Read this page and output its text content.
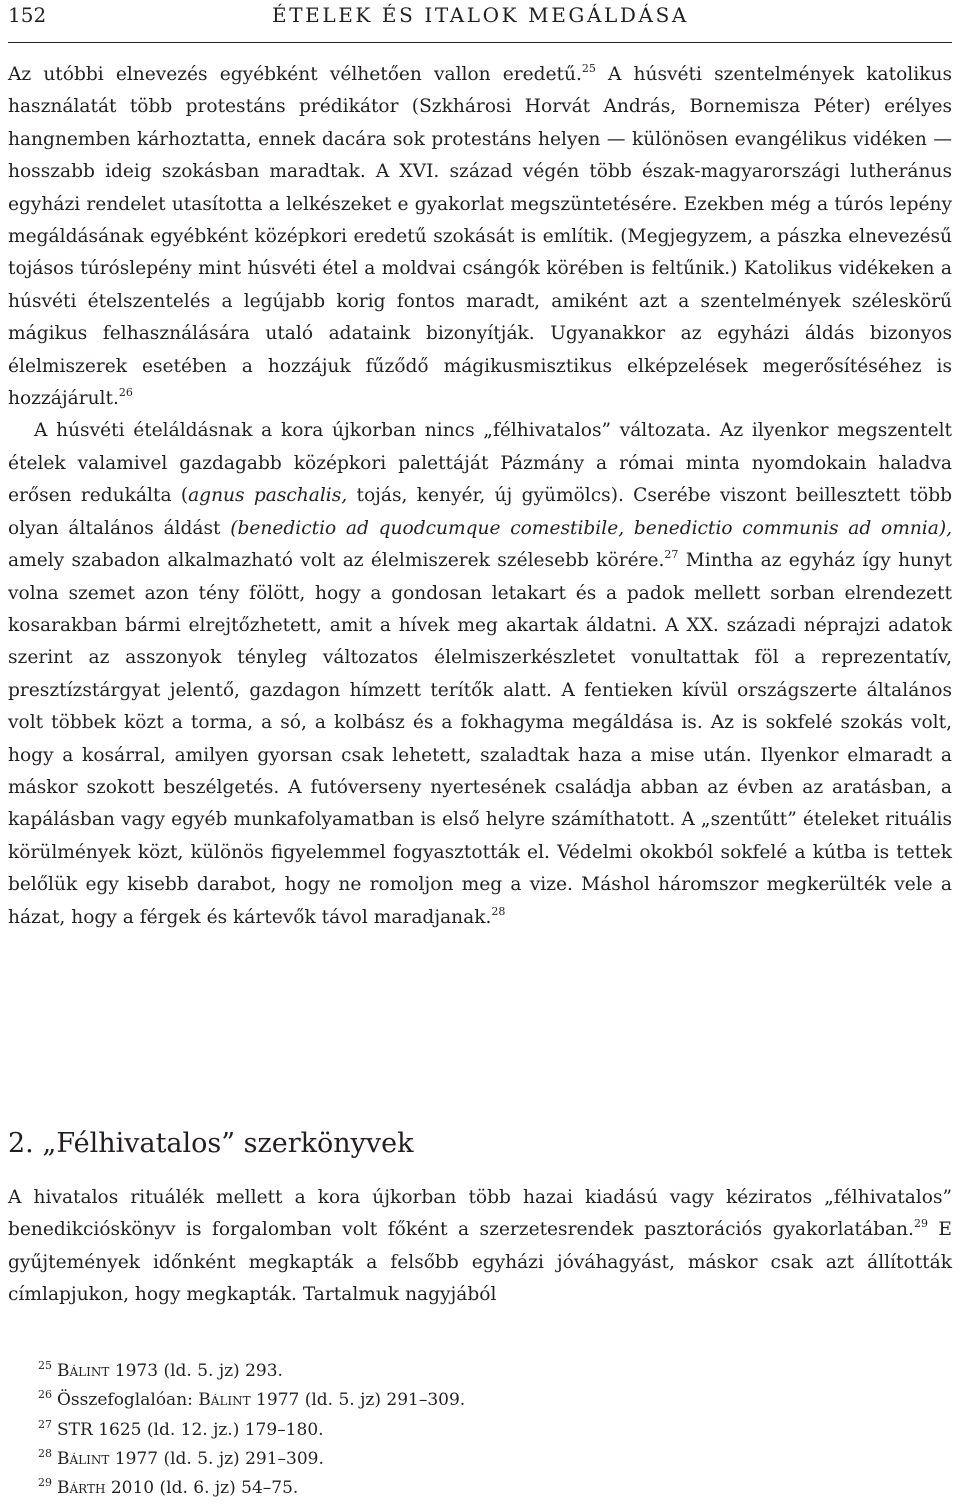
152	ÉTELEK ÉS ITALOK MEGÁLDÁSA

Az utóbbi elnevezés egyébként vélhetően vallon eredetű.$^{25}$ A húsvéti szentelmények katolikus használatát több protestáns prédikátor (Szkhárosi Horvát András, Bornemisza Péter) erélyes hangnemben kárhoztatta, ennek dacára sok protestáns helyen — különösen evangélikus vidéken — hosszabb ideig szokásban maradtak. A XVI. század végén több észak-magyarországi lutheránus egyházi rendelet utasította a lelkészeket e gyakorlat megszüntetésére. Ezekben még a túrós lepény megáldásának egyébként középkori eredetű szokását is említik. (Megjegyzem, a pászka elnevezésű tojásos túróslepény mint húsvéti étel a moldvai csángók körében is feltűnik.) Katolikus vidékeken a húsvéti ételszentelés a legújabb korig fontos maradt, amiként azt a szentelmények széleskörű mágikus felhasználására utaló adataink bizonyítják. Ugyanakkor az egyházi áldás bizonyos élelmiszerek esetében a hozzájuk fűződő mágikusmisztikus elképzelések megerősítéséhez is hozzájárult.$^{26}$

A húsvéti ételáldásnak a kora újkorban nincs „félhivatalos” változata. Az ilyenkor megszentelt ételek valamivel gazdagabb középkori palettáját Pázmány a római minta nyomdokain haladva erősen redukálta (agnus paschalis, tojás, kenyér, új gyümölcs). Cserébe viszont beillesztett több olyan általános áldást (benedictio ad quodcumque comestibile, benedictio communis ad omnia), amely szabadon alkalmazható volt az élelmiszerek szélesebb körére.$^{27}$ Mintha az egyház így hunyt volna szemet azon tény fölött, hogy a gondosan letakart és a padok mellett sorban elrendezett kosarakban bármi elrejtőzhetett, amit a hívek meg akartak áldatni. A XX. századi néprajzi adatok szerint az asszonyok tényleg változatos élelmiszerkészletet vonultattak föl a reprezentatív, presztízstárgyat jelentő, gazdagon hímzett terítők alatt. A fentieken kívül országszerte általános volt többek közt a torma, a só, a kolbász és a fokhagyma megáldása is. Az is sokfelé szokás volt, hogy a kosárral, amilyen gyorsan csak lehetett, szaladtak haza a mise után. Ilyenkor elmaradt a máskor szokott beszélgetés. A futóverseny nyertesének családja abban az évben az aratásban, a kapálásban vagy egyéb munkafolyamatban is első helyre számíthatott. A „szentűtt” ételeket rituális körülmények közt, különös figyelemmel fogyasztották el. Védelmi okokból sokfelé a kútba is tettek belőlük egy kisebb darabot, hogy ne romoljon meg a vize. Máshol háromszor megkerülték vele a házat, hogy a férgek és kártevők távol maradjanak.$^{28}$

2. „Félhivatalos” szerkönyvek

A hivatalos rituálék mellett a kora újkorban több hazai kiadású vagy kéziratos „félhivatalos” benedikcióskönyv is forgalomban volt főként a szerzetesrendek pasztorációs gyakorlatában.$^{29}$ E gyűjtemények időnként megkapták a felsőbb egyházi jóváhagyást, máskor csak azt állították címlapjukon, hogy megkapták. Tartalmuk nagyjából

$^{25}$ Bálint 1973 (ld. 5. jz) 293.
$^{26}$ Összefoglalóan: Bálint 1977 (ld. 5. jz) 291–309.
$^{27}$ STR 1625 (ld. 12. jz.) 179–180.
$^{28}$ Bálint 1977 (ld. 5. jz) 291–309.
$^{29}$ Bárth 2010 (ld. 6. jz) 54–75.
